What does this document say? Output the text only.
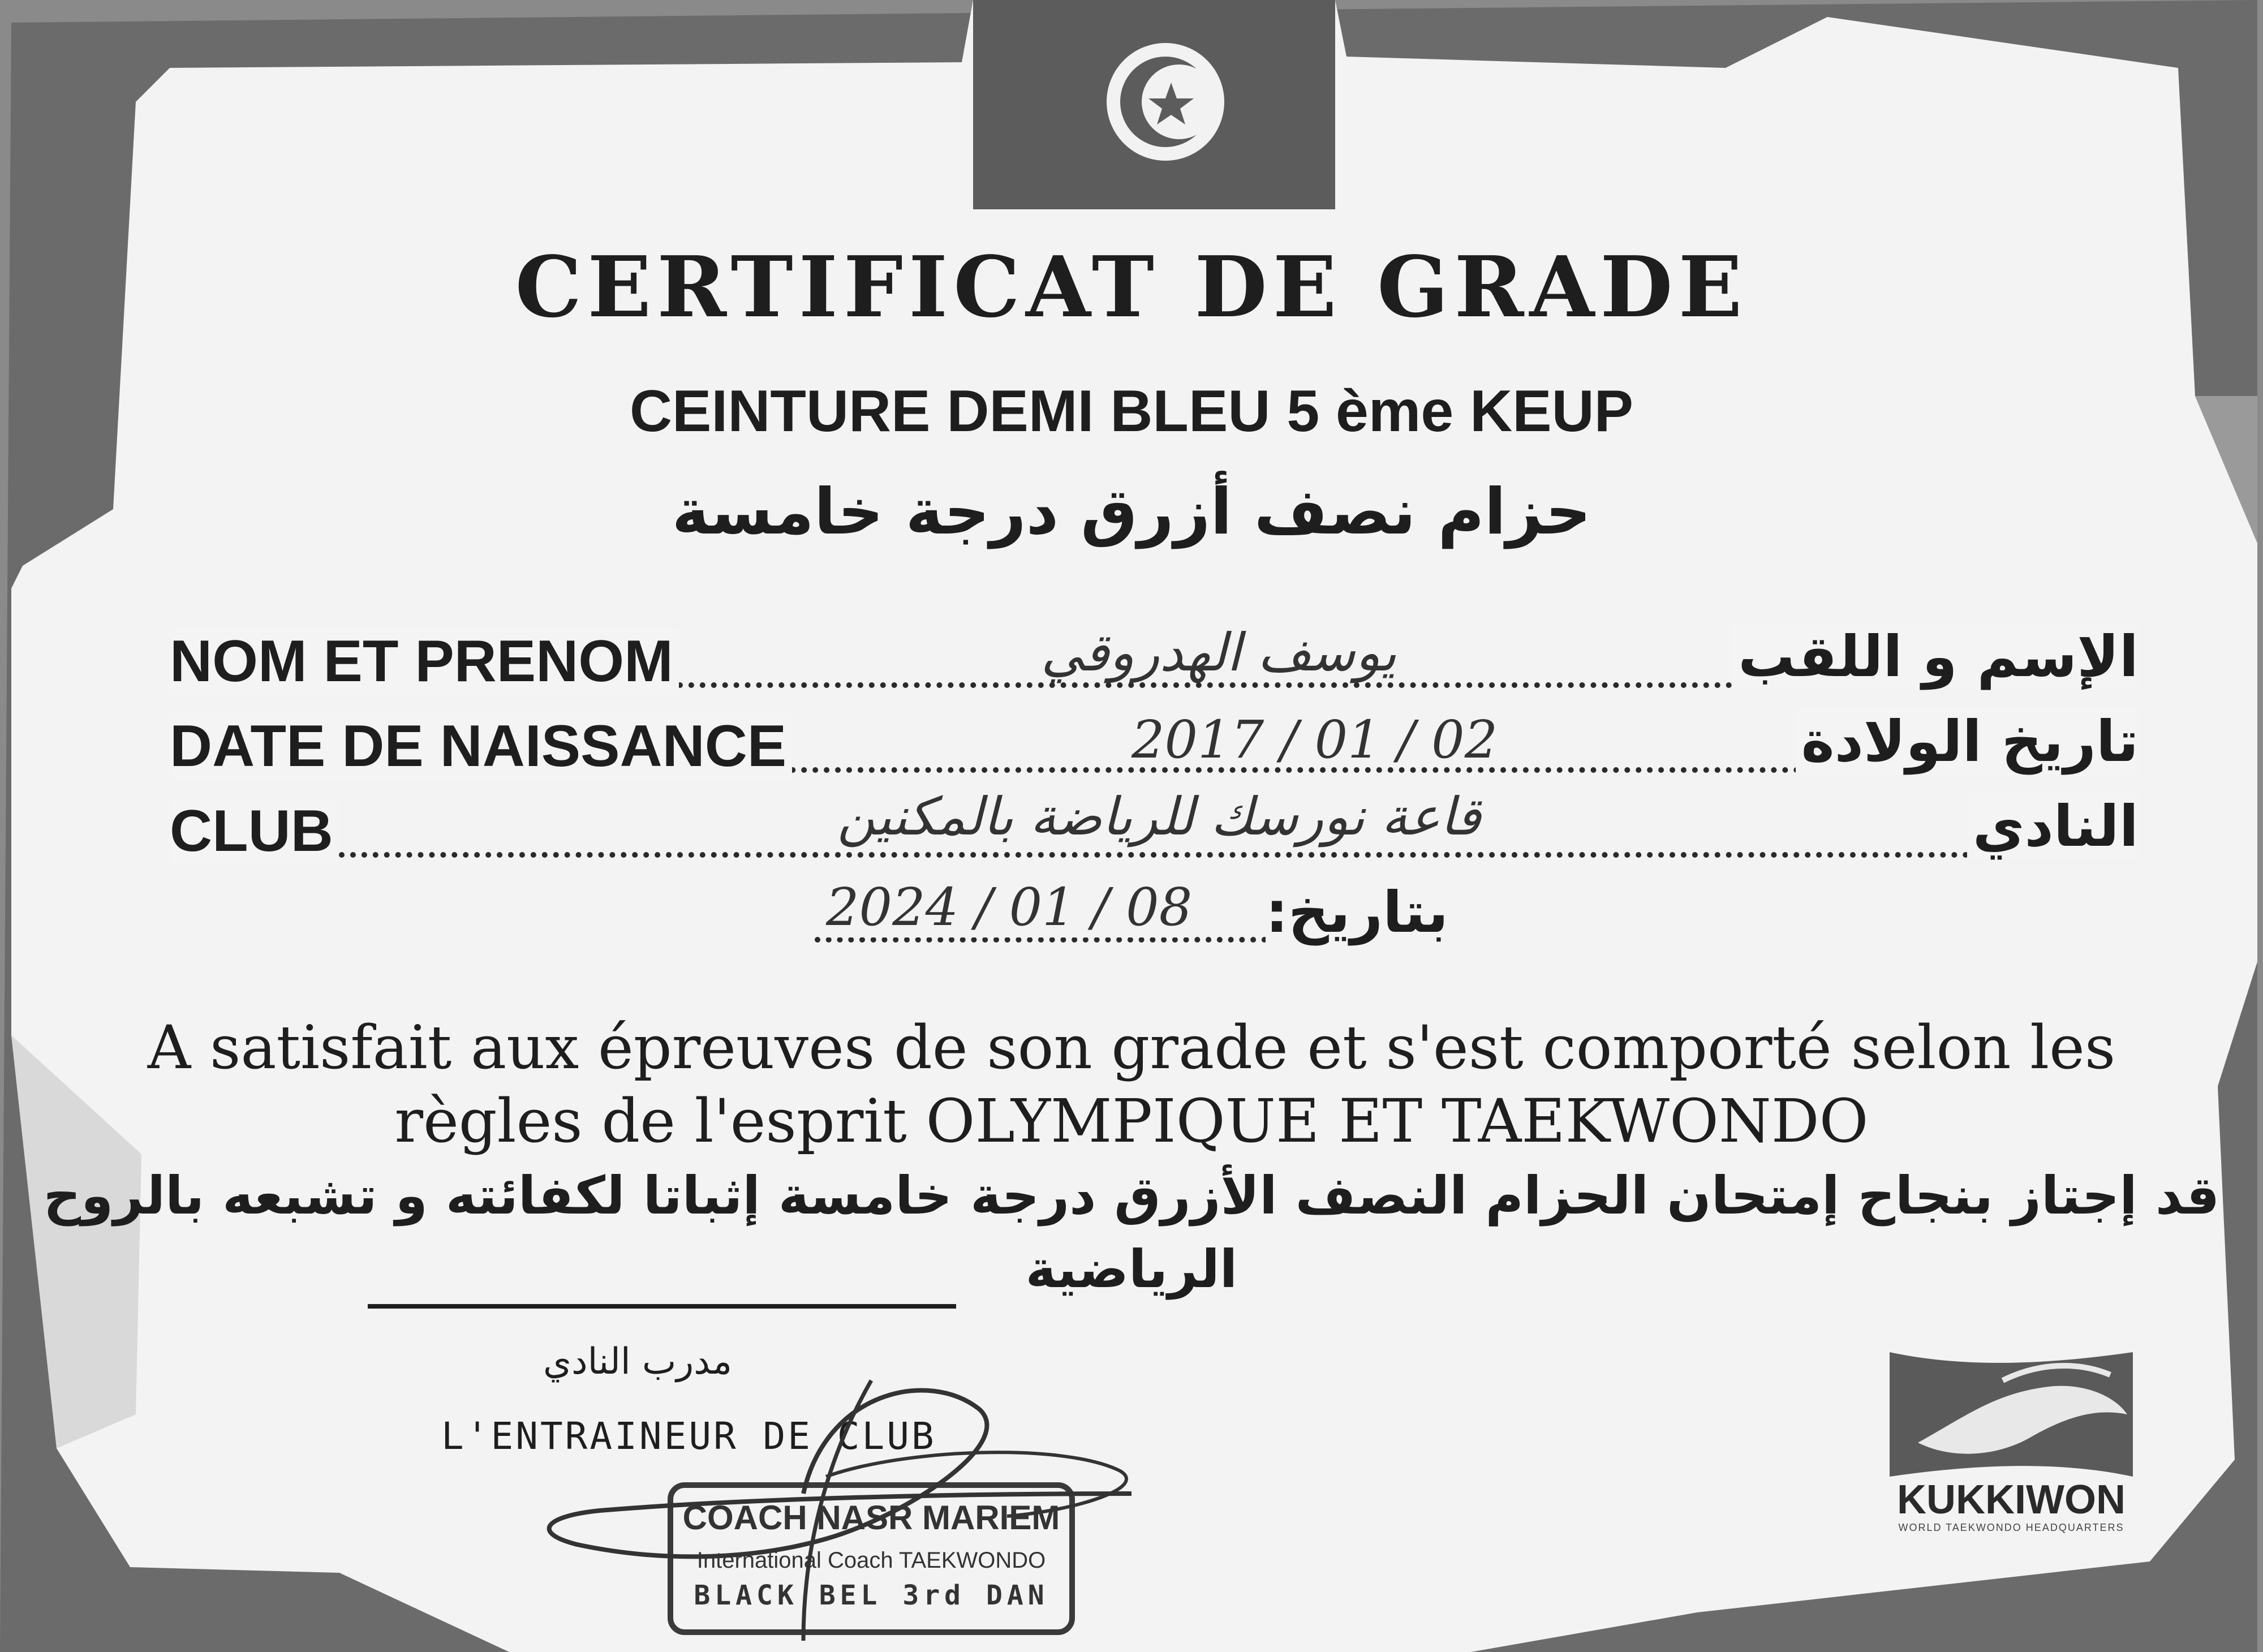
CERTIFICAT DE GRADE
CEINTURE DEMI BLEU 5 ème KEUP
حزام نصف أزرق درجة خامسة
NOM ET PRENOM	الإسم و اللقب
يوسف الهدروقي
DATE DE NAISSANCE	تاريخ الولادة
2017 / 01 / 02
CLUB	النادي
قاعة نورسك للرياضة بالمكنين
2024 / 01 / 08 بتاريخ:
A satisfait aux épreuves de son grade et s'est comporté selon les
règles de l'esprit OLYMPIQUE ET TAEKWONDO
قد إجتاز بنجاح إمتحان الحزام النصف الأزرق درجة خامسة إثباتا لكفائته و تشبعه بالروح
الرياضية
مدرب النادي
L'ENTRAINEUR DE CLUB
COACH NASR MARIEM
International Coach TAEKWONDO
BLACK BEL 3rd DAN
KUKKIWON
WORLD TAEKWONDO HEADQUARTERS
